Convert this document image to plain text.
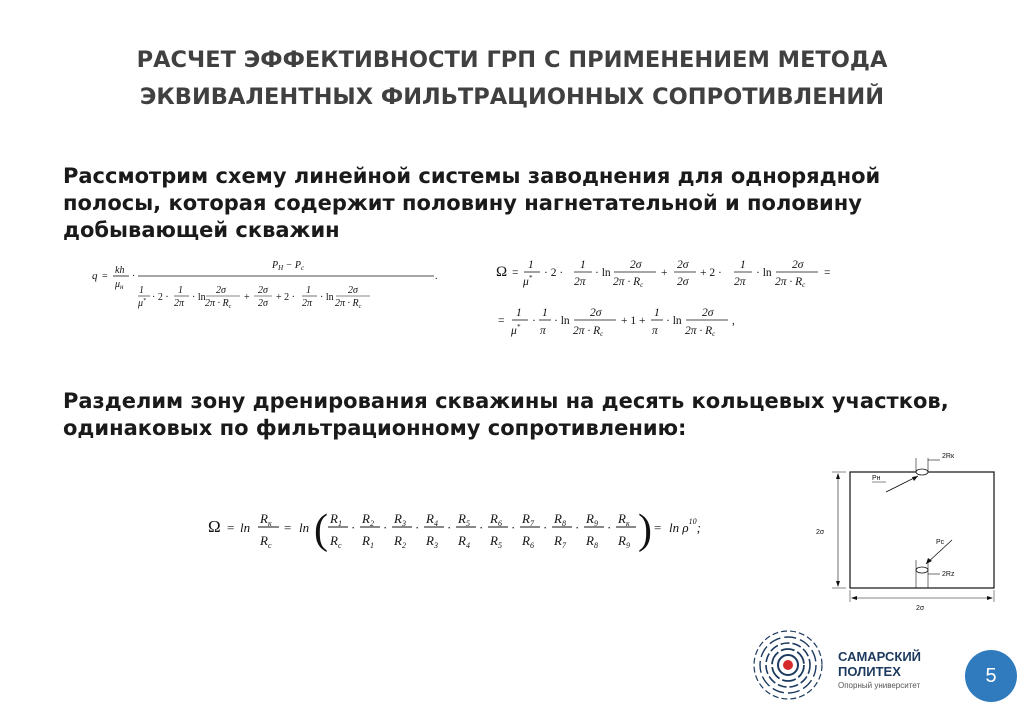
РАСЧЕТ ЭФФЕКТИВНОСТИ ГРП С ПРИМЕНЕНИЕМ МЕТОДА ЭКВИВАЛЕНТНЫХ ФИЛЬТРАЦИОННЫХ СОПРОТИВЛЕНИЙ
Рассмотрим схему линейной системы заводнения для однорядной полосы, которая содержит половину нагнетательной и половину добывающей скважин
q =
kh
$\mu_н$
·
$P_Н - P_c$
1
μ* · 2 ·
1
2π
· ln
2σ
$2\pi \cdot R_c$
+
2σ
2σ
+ 2 ·
1
2π
· ln
2σ
$2\pi \cdot R_c$
.	Ω =
1
μ* · 2 ·
1
2π
· ln
2σ
2π · Rc
+
2σ
2σ
+ 2 ·
1
2π
· ln
2σ
2π · Rc
=
=
1
μ* ·
1
π
· ln
2σ
2π · Rc
+ 1 +
1
π
· ln
2σ
2π · Rc
,
Разделим зону дренирования скважины на десять кольцевых участков, одинаковых по фильтрационному сопротивлению:
Ω = ln
$R_к$
$R_c$
= ln ( $R_1$
$R_c$
·
$R_2$
$R_1$
·
$R_3$
$R_2$
·
$R_4$
$R_3$
·
$R_5$
$R_4$
·
$R_6$
$R_5$
·
$R_7$
$R_6$
·
$R_8$
$R_7$
·
$R_9$
$R_8$
·
$R_к$
$R_9$ ) = $\ln \rho^{10}$;
2Rк
Pн
2Rz
Pc
2σ
2σ
САМАРСКИЙ
ПОЛИТЕХ
Опорный университет	5
